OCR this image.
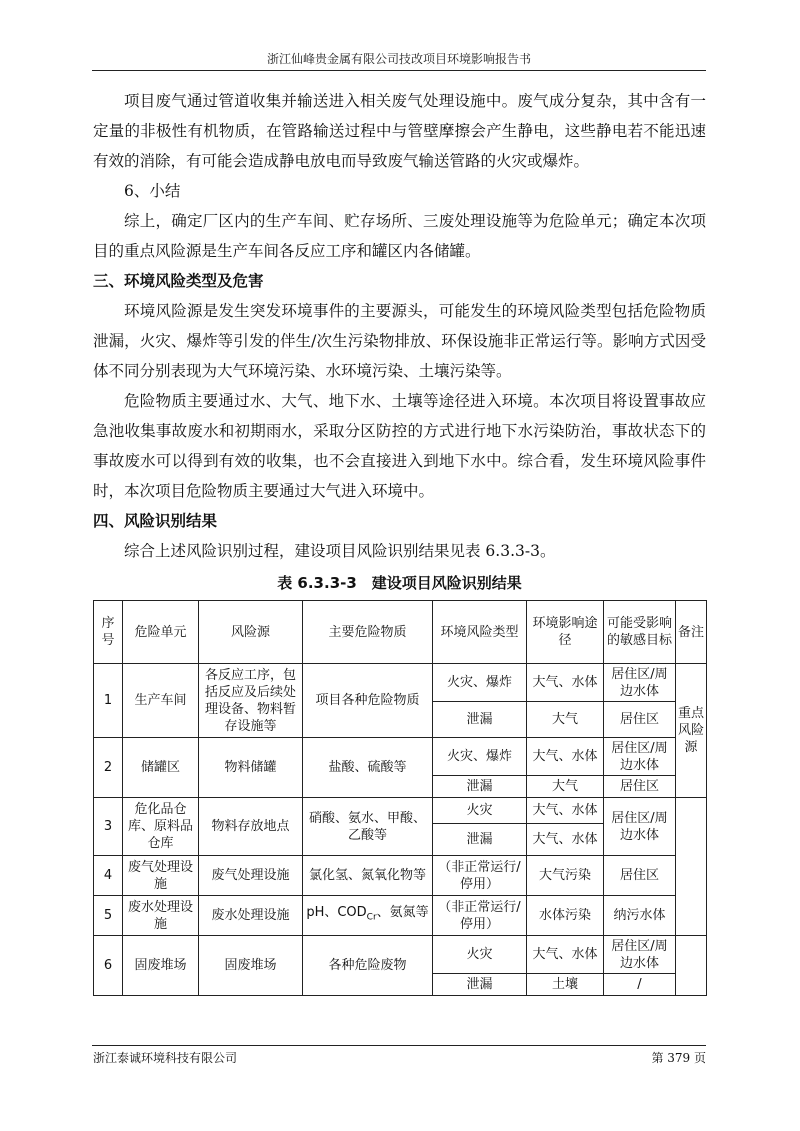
浙江仙峰贵金属有限公司技改项目环境影响报告书

项目废气通过管道收集并输送进入相关废气处理设施中。废气成分复杂，其中含有一定量的非极性有机物质，在管路输送过程中与管壁摩擦会产生静电，这些静电若不能迅速有效的消除，有可能会造成静电放电而导致废气输送管路的火灾或爆炸。

6、小结

综上，确定厂区内的生产车间、贮存场所、三废处理设施等为危险单元；确定本次项目的重点风险源是生产车间各反应工序和罐区内各储罐。

三、环境风险类型及危害

环境风险源是发生突发环境事件的主要源头，可能发生的环境风险类型包括危险物质泄漏，火灾、爆炸等引发的伴生/次生污染物排放、环保设施非正常运行等。影响方式因受体不同分别表现为大气环境污染、水环境污染、土壤污染等。

危险物质主要通过水、大气、地下水、土壤等途径进入环境。本次项目将设置事故应急池收集事故废水和初期雨水，采取分区防控的方式进行地下水污染防治，事故状态下的事故废水可以得到有效的收集，也不会直接进入到地下水中。综合看，发生环境风险事件时，本次项目危险物质主要通过大气进入环境中。

四、风险识别结果

综合上述风险识别过程，建设项目风险识别结果见表 6.3.3-3。

表 6.3.3-3　建设项目风险识别结果
序号	危险单元	风险源	主要危险物质	环境风险类型	环境影响途径	可能受影响的敏感目标	备注
1	生产车间	各反应工序，包括反应及后续处理设备、物料暂存设施等	项目各种危险物质	火灾、爆炸	大气、水体	居住区/周边水体	重点风险源
				泄漏	大气	居住区	
2	储罐区	物料储罐	盐酸、硫酸等	火灾、爆炸	大气、水体	居住区/周边水体	
				泄漏	大气	居住区	
3	危化品仓库、原料品仓库	物料存放地点	硝酸、氨水、甲酸、乙酸等	火灾	大气、水体	居住区/周边水体	
				泄漏	大气、水体		
4	废气处理设施	废气处理设施	氯化氢、氮氧化物等	（非正常运行/停用）	大气污染	居住区	
5	废水处理设施	废水处理设施	pH、$COD_{Cr}$、氨氮等	（非正常运行/停用）	水体污染	纳污水体	
6	固废堆场	固废堆场	各种危险废物	火灾	大气、水体	居住区/周边水体	
				泄漏	土壤	/	
浙江泰诚环境科技有限公司	第 379 页
